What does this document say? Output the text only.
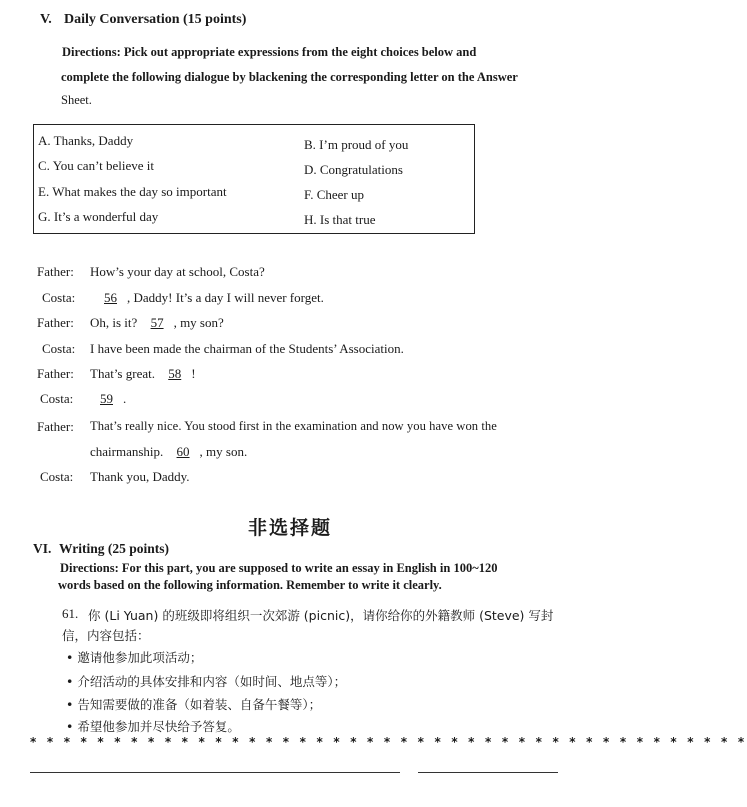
V. Daily Conversation (15 points)
Directions: Pick out appropriate expressions from the eight choices below and
complete the following dialogue by blackening the corresponding letter on the Answer
Sheet.
A. Thanks, Daddy	B. I’m proud of you
C. You can’t believe it	D. Congratulations
E. What makes the day so important	F. Cheer up
G. It’s a wonderful day	H. Is that true
Father:	How’s your day at school, Costa?
Costa:	56 , Daddy! It’s a day I will never forget.
Father:	Oh, is it? 57 , my son?
Costa:	I have been made the chairman of the Students’ Association.
Father:	That’s great. 58 !
Costa:	59 .
Father:	That’s really nice. You stood first in the examination and now you have won the
chairmanship. 60 , my son.
Costa:	Thank you, Daddy.
非选择题
VI. Writing (25 points)
Directions: For this part, you are supposed to write an essay in English in 100~120
words based on the following information. Remember to write it clearly.
61. 你 (Li Yuan) 的班级即将组织一次郊游 (picnic)，请你给你的外籍教师 (Steve) 写封
信，内容包括：
• 邀请他参加此项活动；
• 介绍活动的具体安排和内容（如时间、地点等）；
• 告知需要做的准备（如着装、自备午餐等）；
• 希望他参加并尽快给予答复。
* * * * * * * * * * * * * * * * * * * * * * * * * * * * * * * * * * * * * * * * * * *
